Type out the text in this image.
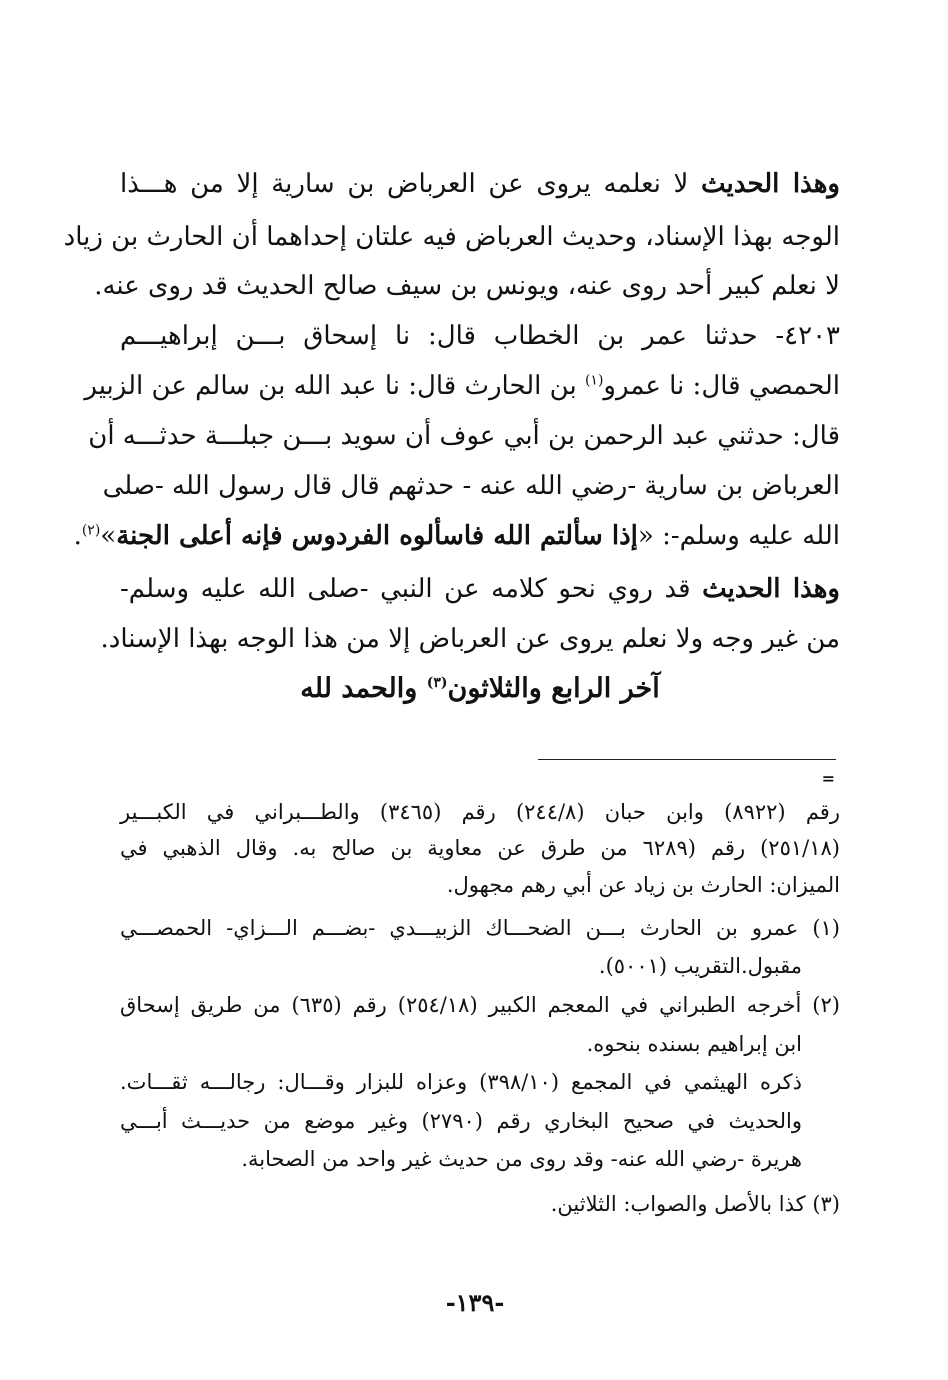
وهذا الحديث لا نعلمه يروى عن العرباض بن سارية إلا من هـــذا
الوجه بهذا الإسناد، وحديث العرباض فيه علتان إحداهما أن الحارث بن زياد
لا نعلم كبير أحد روى عنه، ويونس بن سيف صالح الحديث قد روى عنه.
٤٢٠٣- حدثنا عمر بن الخطاب قال: نا إسحاق بـــن إبراهيـــم
الحمصي قال: نا عمرو$^{(١)}$ بن الحارث قال: نا عبد الله بن سالم عن الزبير
قال: حدثني عبد الرحمن بن أبي عوف أن سويد بـــن جبلـــة حدثـــه أن
العرباض بن سارية -رضي الله عنه - حدثهم قال قال رسول الله -صلى
الله عليه وسلم-: «إذا سألتم الله فاسألوه الفردوس فإنه أعلى الجنة»$^{(٢)}$.
وهذا الحديث قد روي نحو كلامه عن النبي -صلى الله عليه وسلم-
من غير وجه ولا نعلم يروى عن العرباض إلا من هذا الوجه بهذا الإسناد.
آخر الرابع والثلاثون$^{(٣)}$ والحمد لله
=
رقم (٨٩٢٢) وابن حبان (٢٤٤/٨) رقم (٣٤٦٥) والطـــبراني في الكبـــير
(٢٥١/١٨) رقم (٦٢٨٩ من طرق عن معاوية بن صالح به. وقال الذهبي في
الميزان: الحارث بن زياد عن أبي رهم مجهول.
(١) عمرو بن الحارث بـــن الضحـــاك الزبيـــدي -بضـــم الـــزاي- الحمصـــي
مقبول.التقريب (٥٠٠١).
(٢) أخرجه الطبراني في المعجم الكبير (٢٥٤/١٨) رقم (٦٣٥) من طريق إسحاق
ابن إبراهيم بسنده بنحوه.
ذكره الهيثمي في المجمع (٣٩٨/١٠) وعزاه للبزار وقـــال: رجالـــه ثقـــات.
والحديث في صحيح البخاري رقم (٢٧٩٠) وغير موضع من حديـــث أبـــي
هريرة -رضي الله عنه- وقد روى من حديث غير واحد من الصحابة.
(٣) كذا بالأصل والصواب: الثلاثين.
-١٣٩-
